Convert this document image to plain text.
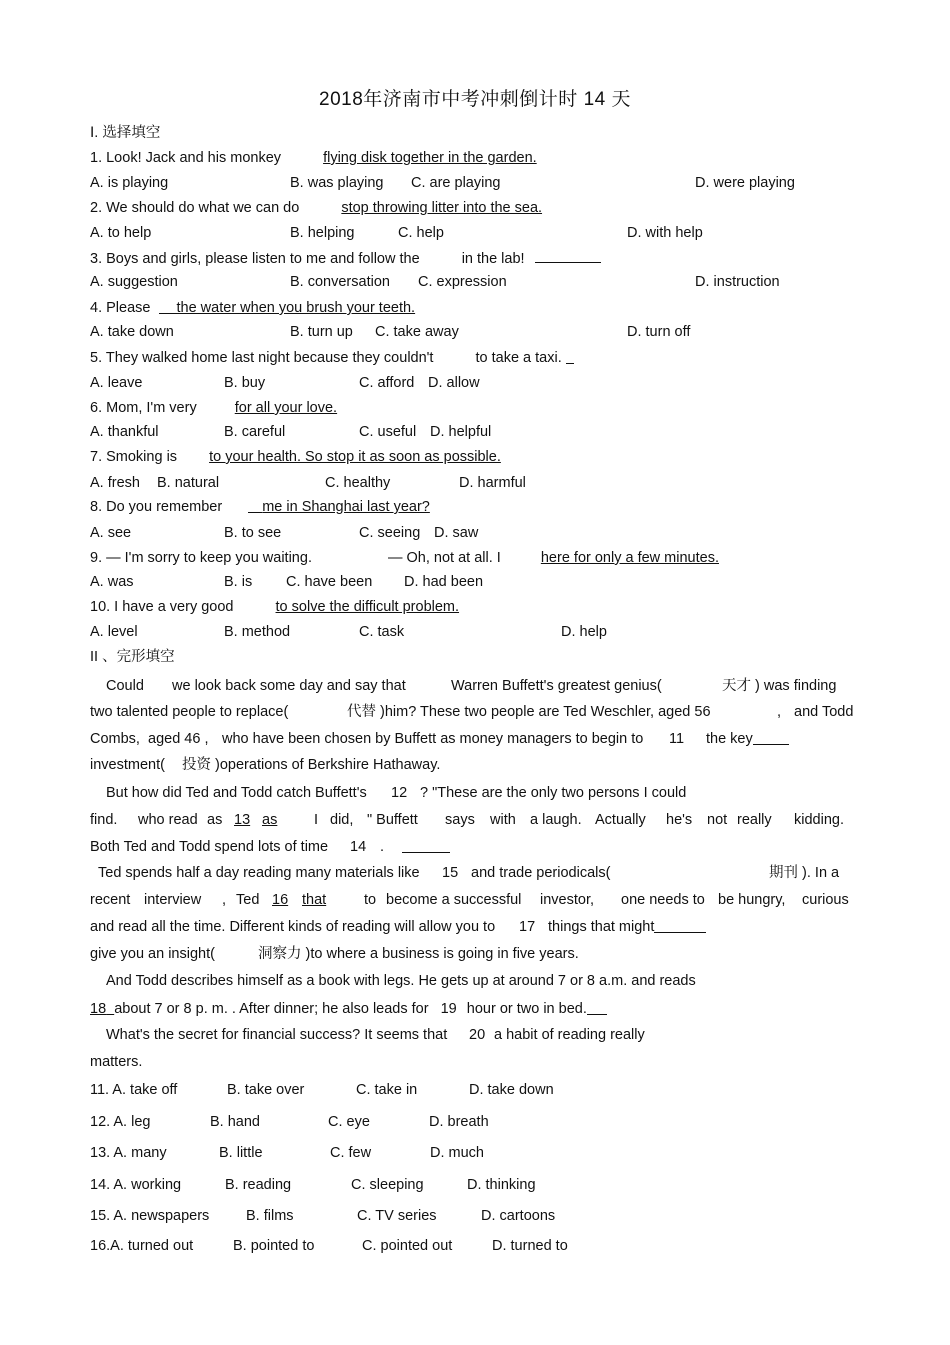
2018年济南市中考冲刺倒计时 14 天
Ⅰ. 选择填空
1. Look! Jack and his monkey	flying disk together in the garden.
A. is playing	B. was playing C. are playing	D. were playing
2. We should do what we can do	stop throwing litter into the sea.
A. to help	B. helping	C. help	D. with help
3. Boys and girls, please listen to me and follow the	in the lab!
A. suggestion	B. conversation C. expression	D. instruction
4. Please the water when you brush your teeth.
A. take down	B. turn up C. take away	D. turn off
5. They walked home last night because they couldn't	to take a taxi.
A. leave	B. buy	C. afford D. allow
6. Mom, I'm very	for all your love.
A. thankful	B. careful	C. useful D. helpful
7. Smoking is to your health. So stop it as soon as possible.
A. fresh B. natural	C. healthy	D. harmful
8. Do you remember	me in Shanghai last year?
A. see	B. to see	C. seeing D. saw
9. — I'm sorry to keep you waiting.	— Oh, not at all. I	here for only a few minutes.
A. was	B. is C. have been D. had been
10. I have a very good	to solve the difficult problem.
A. level	B. method	C. task	D. help
II 、完形填空
Could we look back some day and say that	Warren Buffett's greatest genius(	天才 ) was finding
two talented people to replace(	代替 )him? These two people are Ted Weschler, aged 56	, and Todd
Combs, aged 46 , who have been chosen by Buffett as money managers to begin to 11 the key
investment( 投资 )operations of Berkshire Hathaway.
But how did Ted and Todd catch Buffett's 12 ? "These are the only two persons I could
find. who read as 13 as	I did, " Buffett says with a laugh. Actually he's not really kidding.
Both Ted and Todd spend lots of time 14 .
Ted spends half a day reading many materials like 15 and trade periodicals(	期刊 ). In a
recent interview , Ted 16 that	to become a successful investor, one needs to be hungry, curious
and read all the time. Different kinds of reading will allow you to 17 things that might
give you an insight(	洞察力 )to where a business is going in five years.
And Todd describes himself as a book with legs. He gets up at around 7 or 8 a.m. and reads
18 about 7 or 8 p. m. . After dinner; he also leads for 19 hour or two in bed.
What's the secret for financial success? It seems that 20 a habit of reading really
matters.
11. A. take off	B. take over	C. take in	D. take down
12. A. leg	B. hand	C. eye	D. breath
13. A. many	B. little	C. few	D. much
14. A. working	B. reading	C. sleeping	D. thinking
15. A. newspapers	B. films	C. TV series	D. cartoons
16.A. turned out	B. pointed to	C. pointed out	D. turned to
